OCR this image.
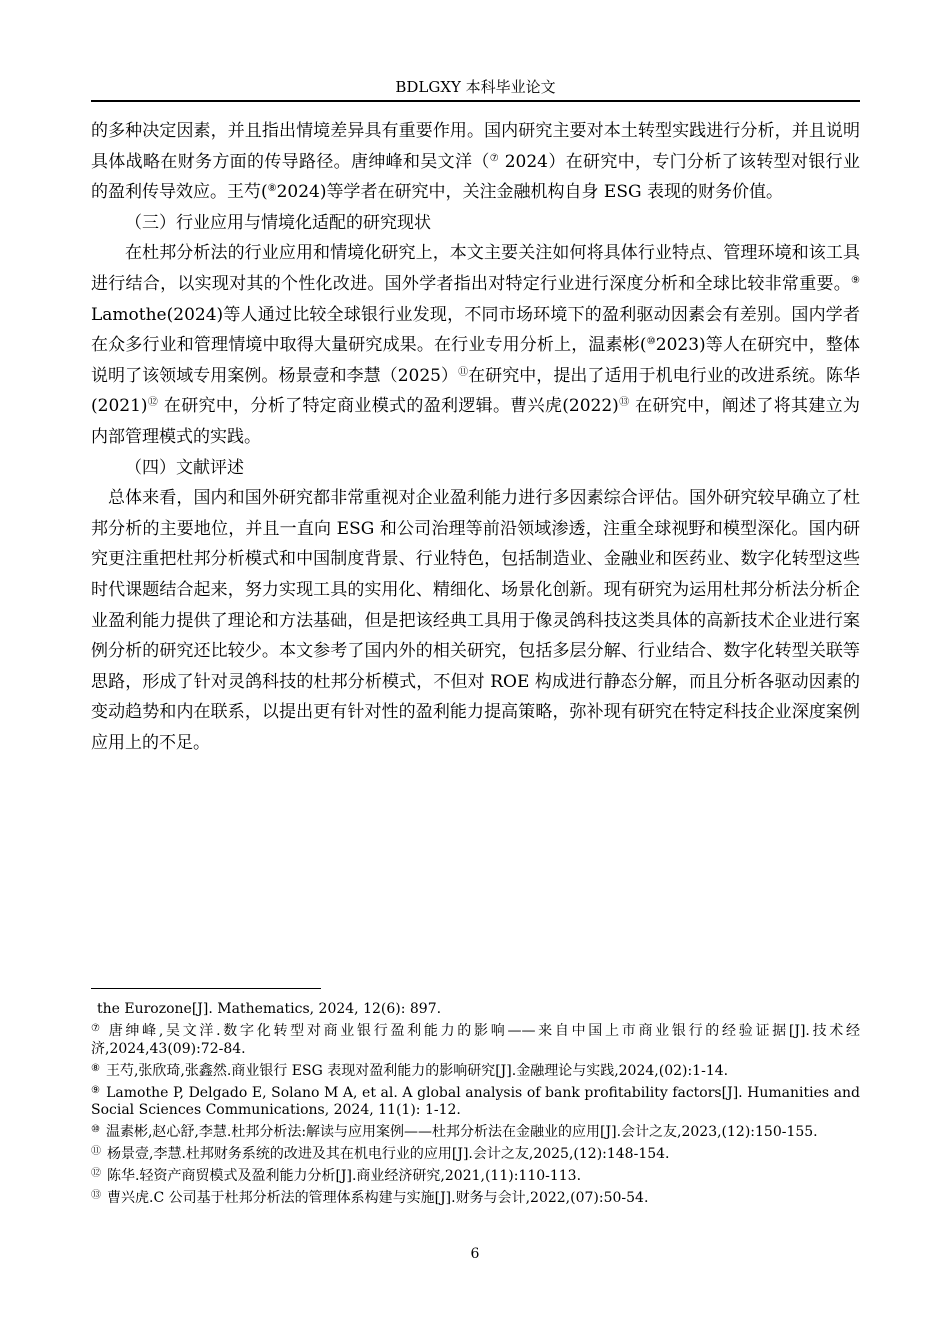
BDLGXY 本科毕业论文

的多种决定因素，并且指出情境差异具有重要作用。国内研究主要对本土转型实践进行分析，并且说明具体战略在财务方面的传导路径。唐绅峰和吴文洋（⑦ 2024）在研究中，专门分析了该转型对银行业的盈利传导效应。王芍(⑧2024)等学者在研究中，关注金融机构自身 ESG 表现的财务价值。

（三）行业应用与情境化适配的研究现状

在杜邦分析法的行业应用和情境化研究上，本文主要关注如何将具体行业特点、管理环境和该工具进行结合，以实现对其的个性化改进。国外学者指出对特定行业进行深度分析和全球比较非常重要。⑨ Lamothe(2024)等人通过比较全球银行业发现，不同市场环境下的盈利驱动因素会有差别。国内学者在众多行业和管理情境中取得大量研究成果。在行业专用分析上，温素彬(⑩2023)等人在研究中，整体说明了该领域专用案例。杨景壹和李慧（2025）⑪在研究中，提出了适用于机电行业的改进系统。陈华(2021)⑫ 在研究中，分析了特定商业模式的盈利逻辑。曹兴虎(2022)⑬ 在研究中，阐述了将其建立为内部管理模式的实践。

（四）文献评述

总体来看，国内和国外研究都非常重视对企业盈利能力进行多因素综合评估。国外研究较早确立了杜邦分析的主要地位，并且一直向 ESG 和公司治理等前沿领域渗透，注重全球视野和模型深化。国内研究更注重把杜邦分析模式和中国制度背景、行业特色，包括制造业、金融业和医药业、数字化转型这些时代课题结合起来，努力实现工具的实用化、精细化、场景化创新。现有研究为运用杜邦分析法分析企业盈利能力提供了理论和方法基础，但是把该经典工具用于像灵鸽科技这类具体的高新技术企业进行案例分析的研究还比较少。本文参考了国内外的相关研究，包括多层分解、行业结合、数字化转型关联等思路，形成了针对灵鸽科技的杜邦分析模式，不但对 ROE 构成进行静态分解，而且分析各驱动因素的变动趋势和内在联系，以提出更有针对性的盈利能力提高策略，弥补现有研究在特定科技企业深度案例应用上的不足。

the Eurozone[J]. Mathematics, 2024, 12(6): 897.

⑦ 唐绅峰,吴文洋.数字化转型对商业银行盈利能力的影响——来自中国上市商业银行的经验证据[J].技术经济,2024,43(09):72-84.

⑧ 王芍,张欣琦,张鑫然.商业银行 ESG 表现对盈利能力的影响研究[J].金融理论与实践,2024,(02):1-14.

⑨ Lamothe P, Delgado E, Solano M A, et al. A global analysis of bank profitability factors[J]. Humanities and Social Sciences Communications, 2024, 11(1): 1-12.

⑩ 温素彬,赵心舒,李慧.杜邦分析法:解读与应用案例——杜邦分析法在金融业的应用[J].会计之友,2023,(12):150-155.

⑪ 杨景壹,李慧.杜邦财务系统的改进及其在机电行业的应用[J].会计之友,2025,(12):148-154.

⑫ 陈华.轻资产商贸模式及盈利能力分析[J].商业经济研究,2021,(11):110-113.

⑬ 曹兴虎.C 公司基于杜邦分析法的管理体系构建与实施[J].财务与会计,2022,(07):50-54.

6
